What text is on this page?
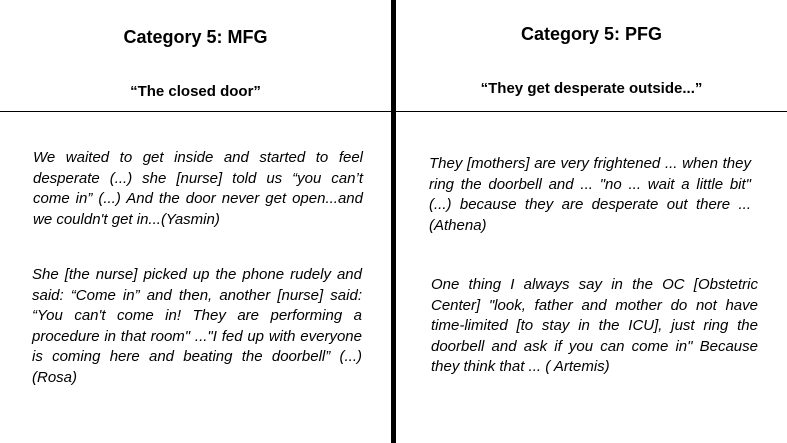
Category 5: MFG
“The closed door”

We waited to get inside and started to feel desperate (...) she [nurse] told us “you can’t come in” (...) And the door never get open...and we couldn't get in...(Yasmin)

She [the nurse] picked up the phone rudely and said: “Come in” and then, another [nurse] said: “You can't come in! They are performing a procedure in that room" ..."I fed up with everyone is coming here and beating the doorbell” (...) (Rosa)

Category 5: PFG
“They get desperate outside...”

They [mothers] are very frightened ... when they ring the doorbell and ... "no ... wait a little bit" (...) because they are desperate out there ... (Athena)

One thing I always say in the OC [Obstetric Center] "look, father and mother do not have time-limited [to stay in the ICU], just ring the doorbell and ask if you can come in" Because they think that ... ( Artemis)
